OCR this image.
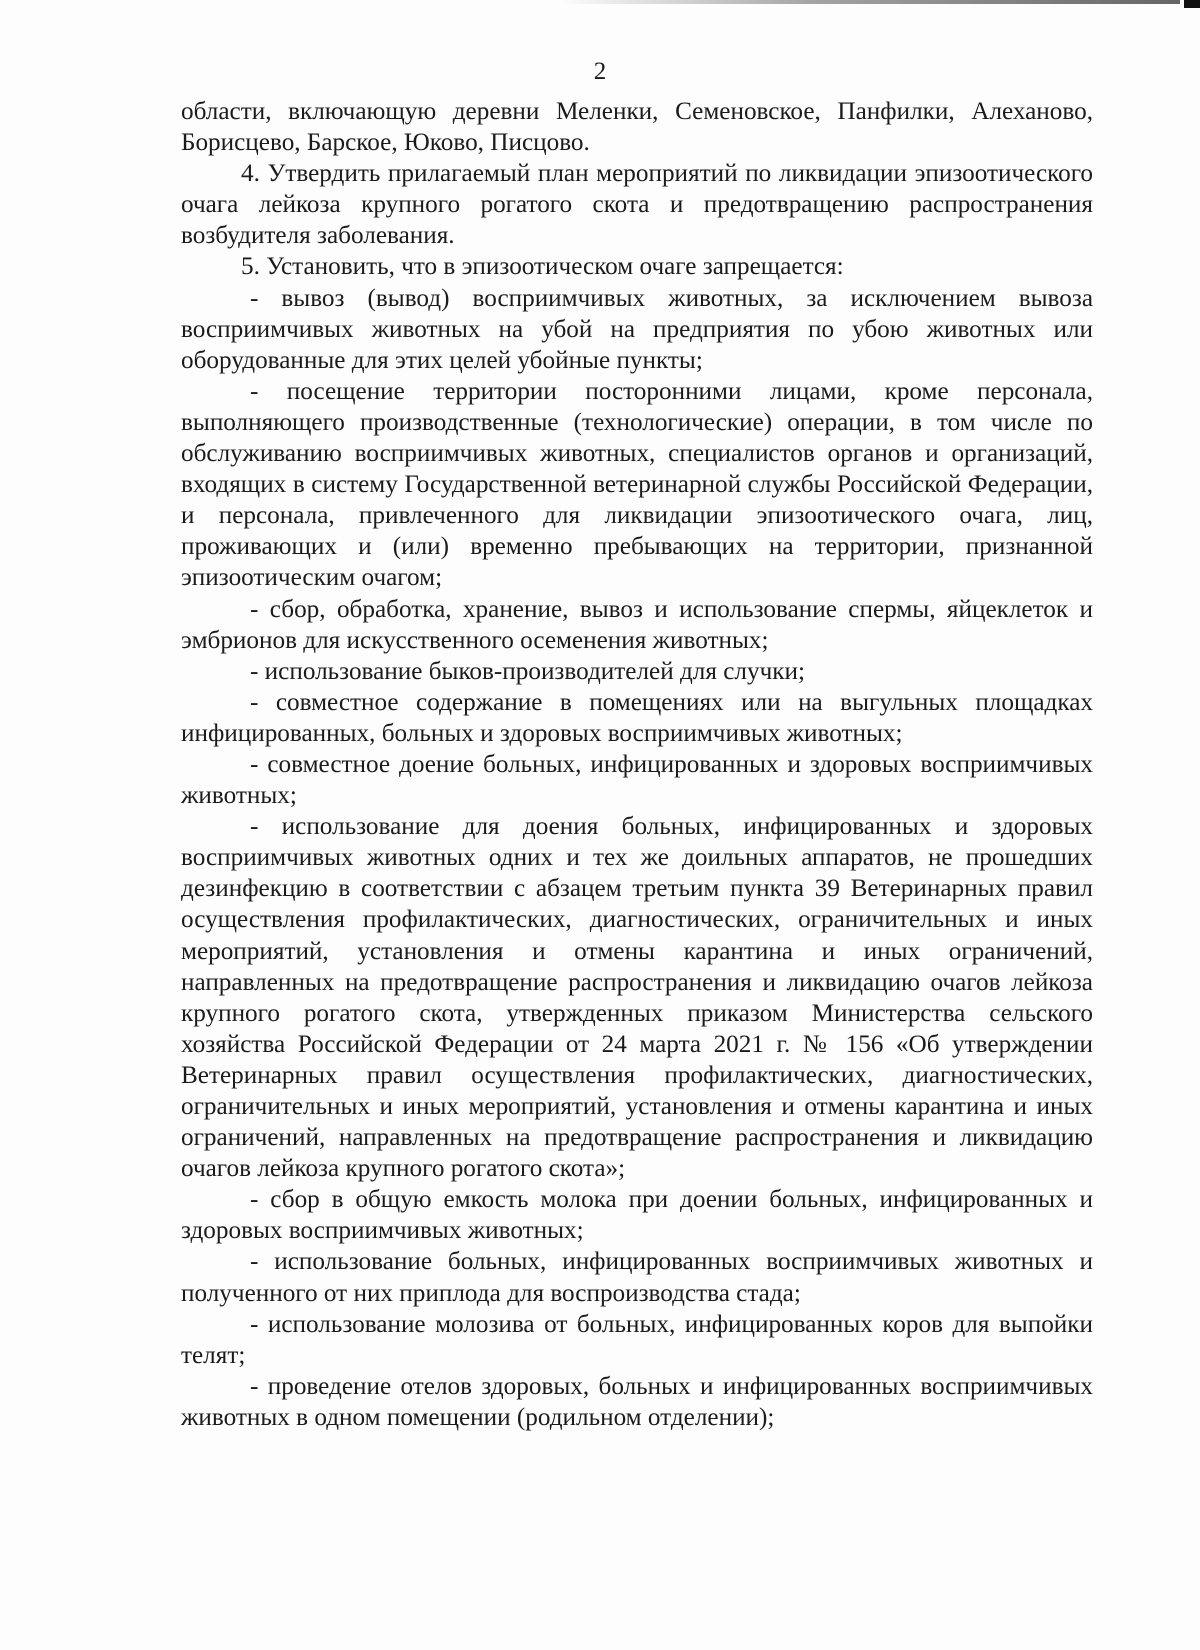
2

области, включающую деревни Меленки, Семеновское, Панфилки, Алеханово, Борисцево, Барское, Юково, Писцово.

4. Утвердить прилагаемый план мероприятий по ликвидации эпизоотического очага лейкоза крупного рогатого скота и предотвращению распространения возбудителя заболевания.

5. Установить, что в эпизоотическом очаге запрещается:

- вывоз (вывод) восприимчивых животных, за исключением вывоза восприимчивых животных на убой на предприятия по убою животных или оборудованные для этих целей убойные пункты;

- посещение территории посторонними лицами, кроме персонала, выполняющего производственные (технологические) операции, в том числе по обслуживанию восприимчивых животных, специалистов органов и организаций, входящих в систему Государственной ветеринарной службы Российской Федерации, и персонала, привлеченного для ликвидации эпизоотического очага, лиц, проживающих и (или) временно пребывающих на территории, признанной эпизоотическим очагом;

- сбор, обработка, хранение, вывоз и использование спермы, яйцеклеток и эмбрионов для искусственного осеменения животных;

- использование быков-производителей для случки;

- совместное содержание в помещениях или на выгульных площадках инфицированных, больных и здоровых восприимчивых животных;

- совместное доение больных, инфицированных и здоровых восприимчивых животных;

- использование для доения больных, инфицированных и здоровых восприимчивых животных одних и тех же доильных аппаратов, не прошедших дезинфекцию в соответствии с абзацем третьим пункта 39 Ветеринарных правил осуществления профилактических, диагностических, ограничительных и иных мероприятий, установления и отмены карантина и иных ограничений, направленных на предотвращение распространения и ликвидацию очагов лейкоза крупного рогатого скота, утвержденных приказом Министерства сельского хозяйства Российской Федерации от 24 марта 2021 г. № 156 «Об утверждении Ветеринарных правил осуществления профилактических, диагностических, ограничительных и иных мероприятий, установления и отмены карантина и иных ограничений, направленных на предотвращение распространения и ликвидацию очагов лейкоза крупного рогатого скота»;

- сбор в общую емкость молока при доении больных, инфицированных и здоровых восприимчивых животных;

- использование больных, инфицированных восприимчивых животных и полученного от них приплода для воспроизводства стада;

- использование молозива от больных, инфицированных коров для выпойки телят;

- проведение отелов здоровых, больных и инфицированных восприимчивых животных в одном помещении (родильном отделении);
